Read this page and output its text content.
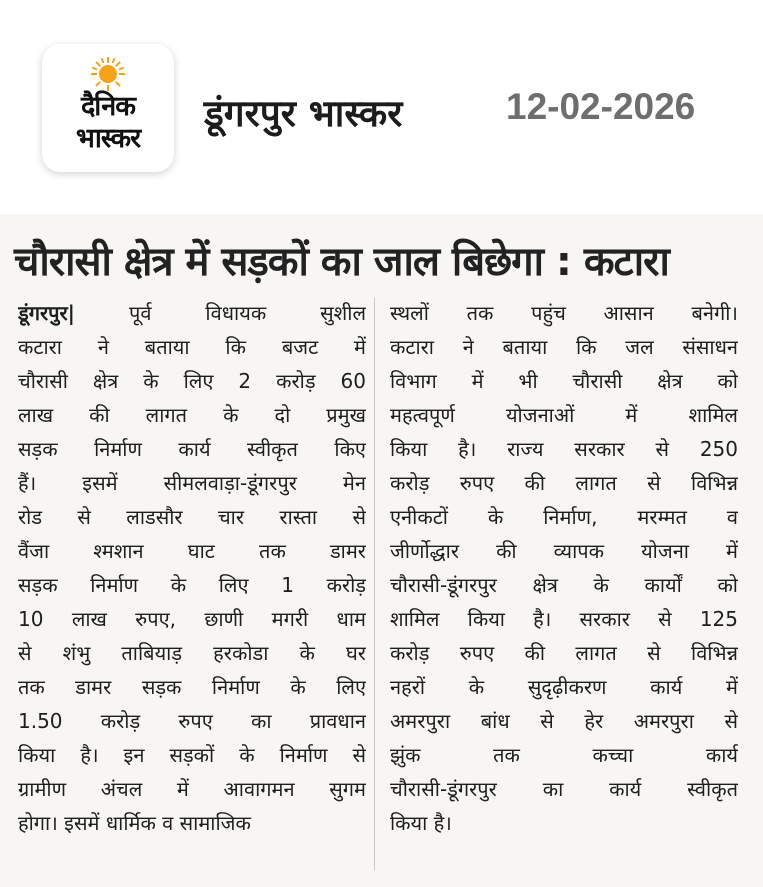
दैनिक
भास्कर
डूंगरपुर भास्कर	12-02-2026
चौरासी क्षेत्र में सड़कों का जाल बिछेगा : कटारा
डूंगरपुर|	पूर्व विधायक सुशील
कटारा ने बताया कि बजट में
चौरासी क्षेत्र के लिए 2 करोड़ 60
लाख की लागत के दो प्रमुख
सड़क निर्माण कार्य स्वीकृत किए
हैं। इसमें सीमलवाड़ा-डूंगरपुर मेन
रोड से लाडसौर चार रास्ता से
वैंजा श्मशान घाट तक डामर
सड़क निर्माण के लिए 1 करोड़
10 लाख रुपए, छाणी मगरी धाम
से शंभु ताबियाड़ हरकोडा के घर
तक डामर सड़क निर्माण के लिए
1.50 करोड़ रुपए का प्रावधान
किया है। इन सड़कों के निर्माण से
ग्रामीण अंचल में आवागमन सुगम
होगा। इसमें धार्मिक व सामाजिक
स्थलों तक पहुंच आसान बनेगी।
कटारा ने बताया कि जल संसाधन
विभाग में भी चौरासी क्षेत्र को
महत्वपूर्ण योजनाओं में शामिल
किया है। राज्य सरकार से 250
करोड़ रुपए की लागत से विभिन्न
एनीकटों के निर्माण, मरम्मत व
जीर्णोद्धार की व्यापक योजना में
चौरासी-डूंगरपुर क्षेत्र के कार्यों को
शामिल किया है। सरकार से 125
करोड़ रुपए की लागत से विभिन्न
नहरों के सुदृढ़ीकरण कार्य में
अमरपुरा बांध से हेर अमरपुरा से
झुंक तक कच्चा कार्य
चौरासी-डूंगरपुर का कार्य स्वीकृत
किया है।
